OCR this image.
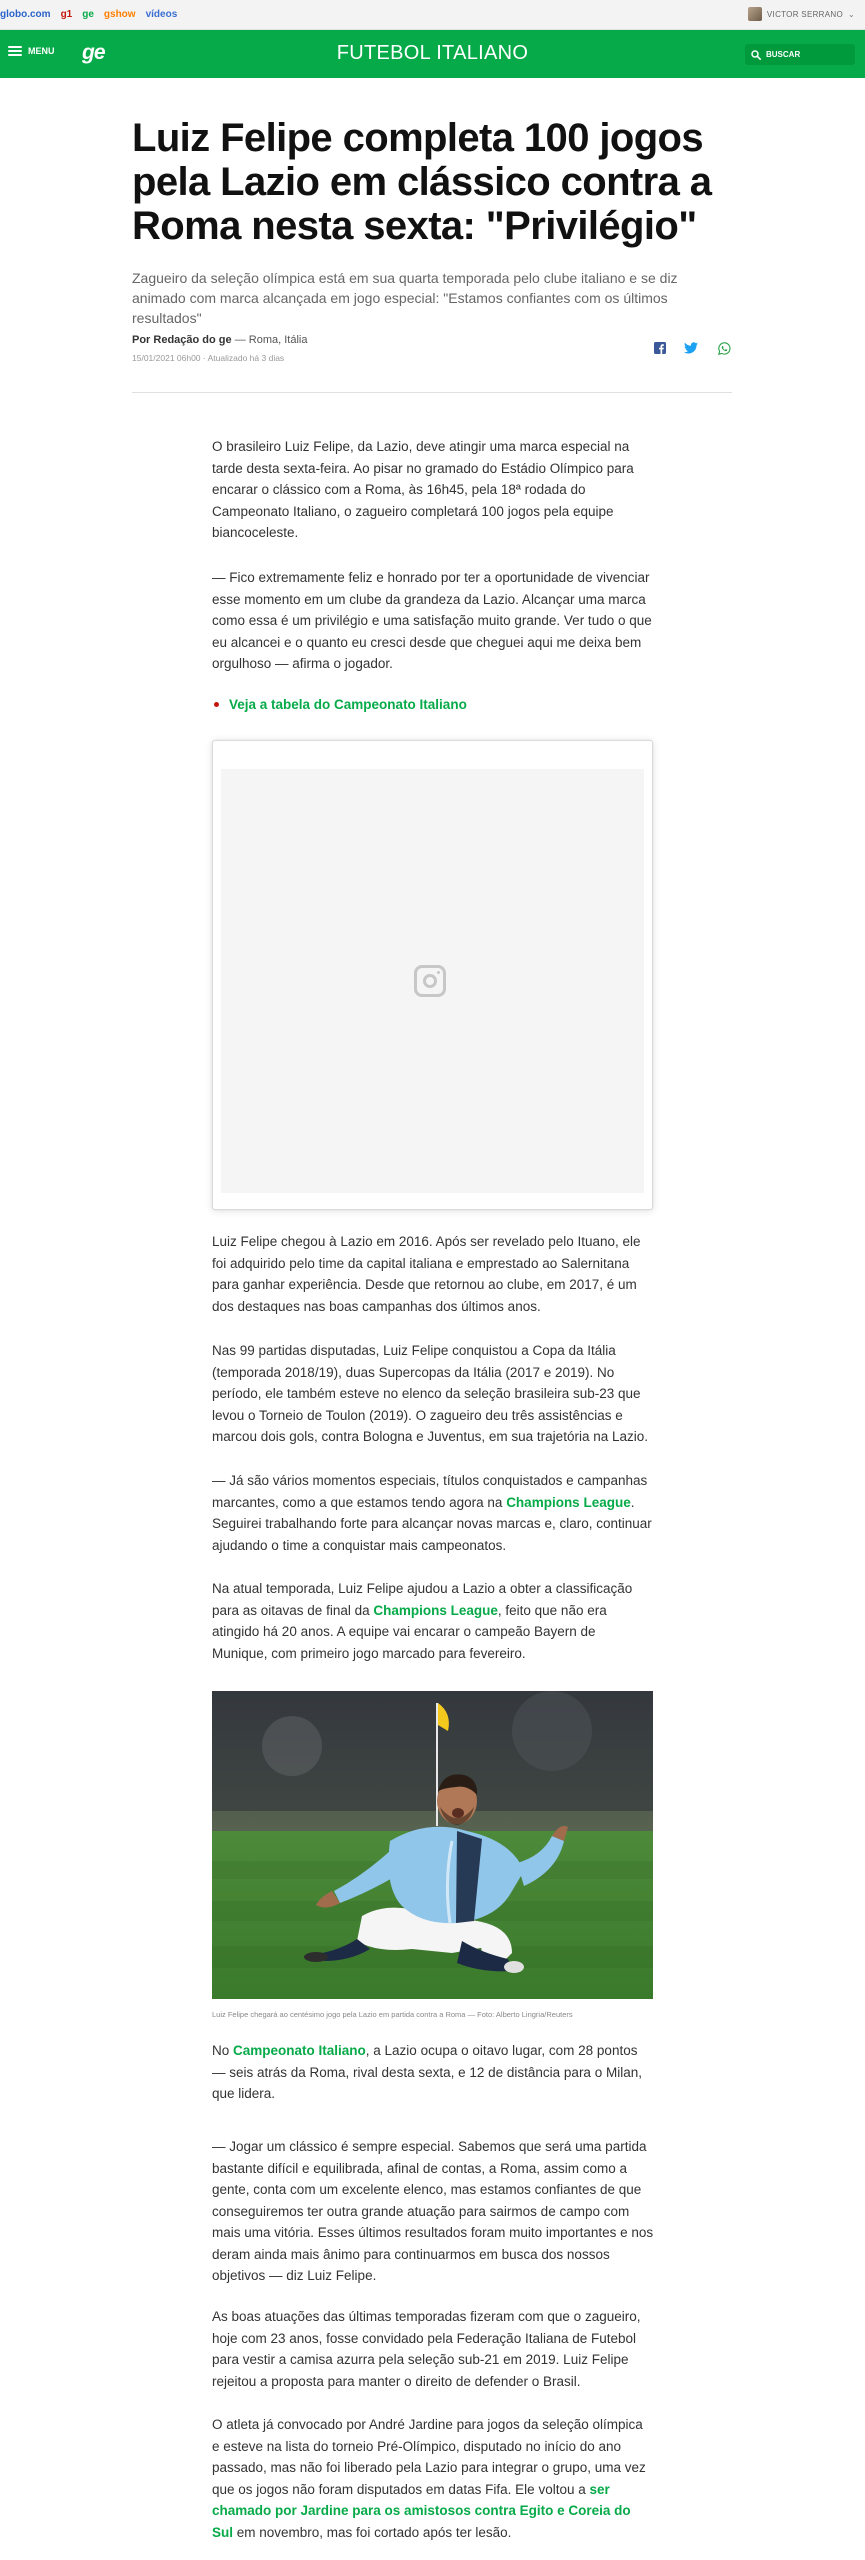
globo.com g1 ge gshow vídeos	VICTOR SERRANO ⌄
MENU ge	FUTEBOL ITALIANO	BUSCAR
Luiz Felipe completa 100 jogos pela Lazio em clássico contra a Roma nesta sexta: "Privilégio"

Zagueiro da seleção olímpica está em sua quarta temporada pelo clube italiano e se diz animado com marca alcançada em jogo especial: "Estamos confiantes com os últimos resultados"

Por Redação do ge — Roma, Itália
15/01/2021 06h00 · Atualizado há 3 dias

O brasileiro Luiz Felipe, da Lazio, deve atingir uma marca especial na tarde desta sexta-feira. Ao pisar no gramado do Estádio Olímpico para encarar o clássico com a Roma, às 16h45, pela 18ª rodada do Campeonato Italiano, o zagueiro completará 100 jogos pela equipe biancoceleste.

— Fico extremamente feliz e honrado por ter a oportunidade de vivenciar esse momento em um clube da grandeza da Lazio. Alcançar uma marca como essa é um privilégio e uma satisfação muito grande. Ver tudo o que eu alcancei e o quanto eu cresci desde que cheguei aqui me deixa bem orgulhoso — afirma o jogador.

Veja a tabela do Campeonato Italiano

Luiz Felipe chegou à Lazio em 2016. Após ser revelado pelo Ituano, ele foi adquirido pelo time da capital italiana e emprestado ao Salernitana para ganhar experiência. Desde que retornou ao clube, em 2017, é um dos destaques nas boas campanhas dos últimos anos.

Nas 99 partidas disputadas, Luiz Felipe conquistou a Copa da Itália (temporada 2018/19), duas Supercopas da Itália (2017 e 2019). No período, ele também esteve no elenco da seleção brasileira sub-23 que levou o Torneio de Toulon (2019). O zagueiro deu três assistências e marcou dois gols, contra Bologna e Juventus, em sua trajetória na Lazio.

— Já são vários momentos especiais, títulos conquistados e campanhas marcantes, como a que estamos tendo agora na Champions League. Seguirei trabalhando forte para alcançar novas marcas e, claro, continuar ajudando o time a conquistar mais campeonatos.

Na atual temporada, Luiz Felipe ajudou a Lazio a obter a classificação para as oitavas de final da Champions League, feito que não era atingido há 20 anos. A equipe vai encarar o campeão Bayern de Munique, com primeiro jogo marcado para fevereiro.

Luiz Felipe chegará ao centésimo jogo pela Lazio em partida contra a Roma — Foto: Alberto Lingria/Reuters

No Campeonato Italiano, a Lazio ocupa o oitavo lugar, com 28 pontos — seis atrás da Roma, rival desta sexta, e 12 de distância para o Milan, que lidera.

— Jogar um clássico é sempre especial. Sabemos que será uma partida bastante difícil e equilibrada, afinal de contas, a Roma, assim como a gente, conta com um excelente elenco, mas estamos confiantes de que conseguiremos ter outra grande atuação para sairmos de campo com mais uma vitória. Esses últimos resultados foram muito importantes e nos deram ainda mais ânimo para continuarmos em busca dos nossos objetivos — diz Luiz Felipe.

As boas atuações das últimas temporadas fizeram com que o zagueiro, hoje com 23 anos, fosse convidado pela Federação Italiana de Futebol para vestir a camisa azurra pela seleção sub-21 em 2019. Luiz Felipe rejeitou a proposta para manter o direito de defender o Brasil.

O atleta já convocado por André Jardine para jogos da seleção olímpica e esteve na lista do torneio Pré-Olímpico, disputado no início do ano passado, mas não foi liberado pela Lazio para integrar o grupo, uma vez que os jogos não foram disputados em datas Fifa. Ele voltou a ser chamado por Jardine para os amistosos contra Egito e Coreia do Sul em novembro, mas foi cortado após ter lesão.
